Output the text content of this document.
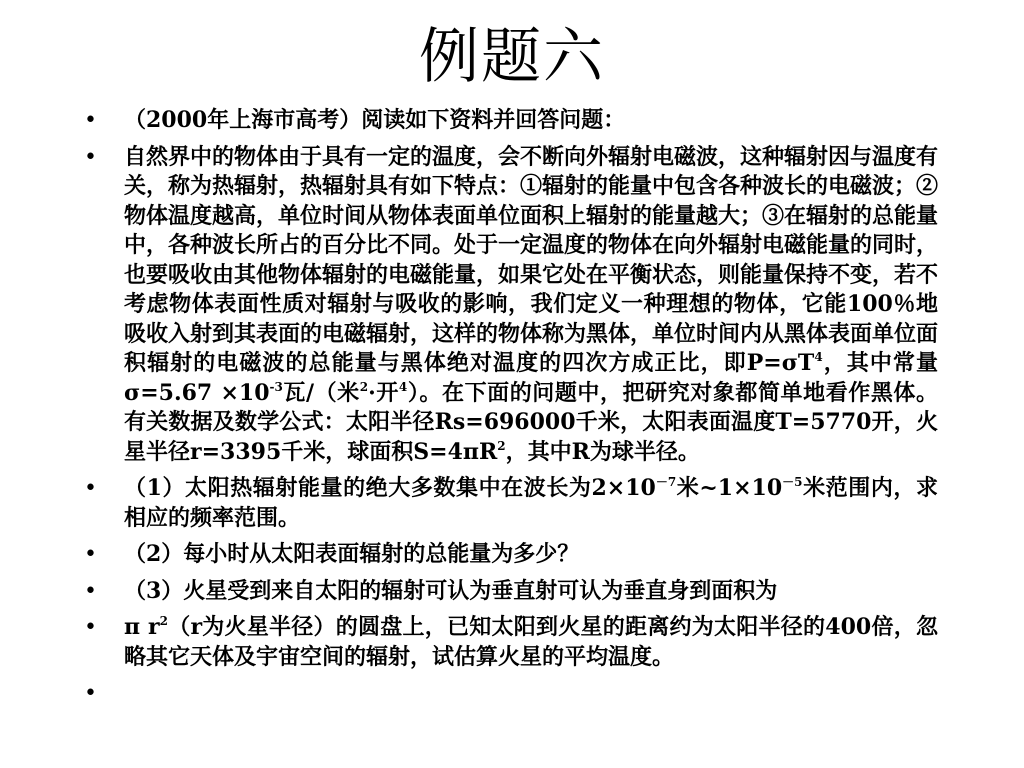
例题六
• （2000年上海市高考）阅读如下资料并回答问题：
• 自然界中的物体由于具有一定的温度，会不断向外辐射电磁波，这种辐射因与温度有关，称为热辐射，热辐射具有如下特点：①辐射的能量中包含各种波长的电磁波；②物体温度越高，单位时间从物体表面单位面积上辐射的能量越大；③在辐射的总能量中，各种波长所占的百分比不同。处于一定温度的物体在向外辐射电磁能量的同时，也要吸收由其他物体辐射的电磁能量，如果它处在平衡状态，则能量保持不变，若不考虑物体表面性质对辐射与吸收的影响，我们定义一种理想的物体，它能100％地吸收入射到其表面的电磁辐射，这样的物体称为黑体，单位时间内从黑体表面单位面积辐射的电磁波的总能量与黑体绝对温度的四次方成正比，即$P=\sigma T^4$，其中常量$\sigma=5.67 \times 10^{-3}$瓦/（米$^2$·开$^4$）。在下面的问题中，把研究对象都简单地看作黑体。有关数据及数学公式：太阳半径Rs=696000千米，太阳表面温度T=5770开，火星半径r=3395千米，球面积$S=4\pi R^2$，其中R为球半径。
• （1）太阳热辐射能量的绝大多数集中在波长为$2\times 10^{-7}$米$\sim 1\times 10^{-5}$米范围内，求相应的频率范围。
• （2）每小时从太阳表面辐射的总能量为多少？
• （3）火星受到来自太阳的辐射可认为垂直射可认为垂直身到面积为
• π $r^2(r$为火星半径）的圆盘上，已知太阳到火星的距离约为太阳半径的400倍，忽略其它天体及宇宙空间的辐射，试估算火星的平均温度。
•
